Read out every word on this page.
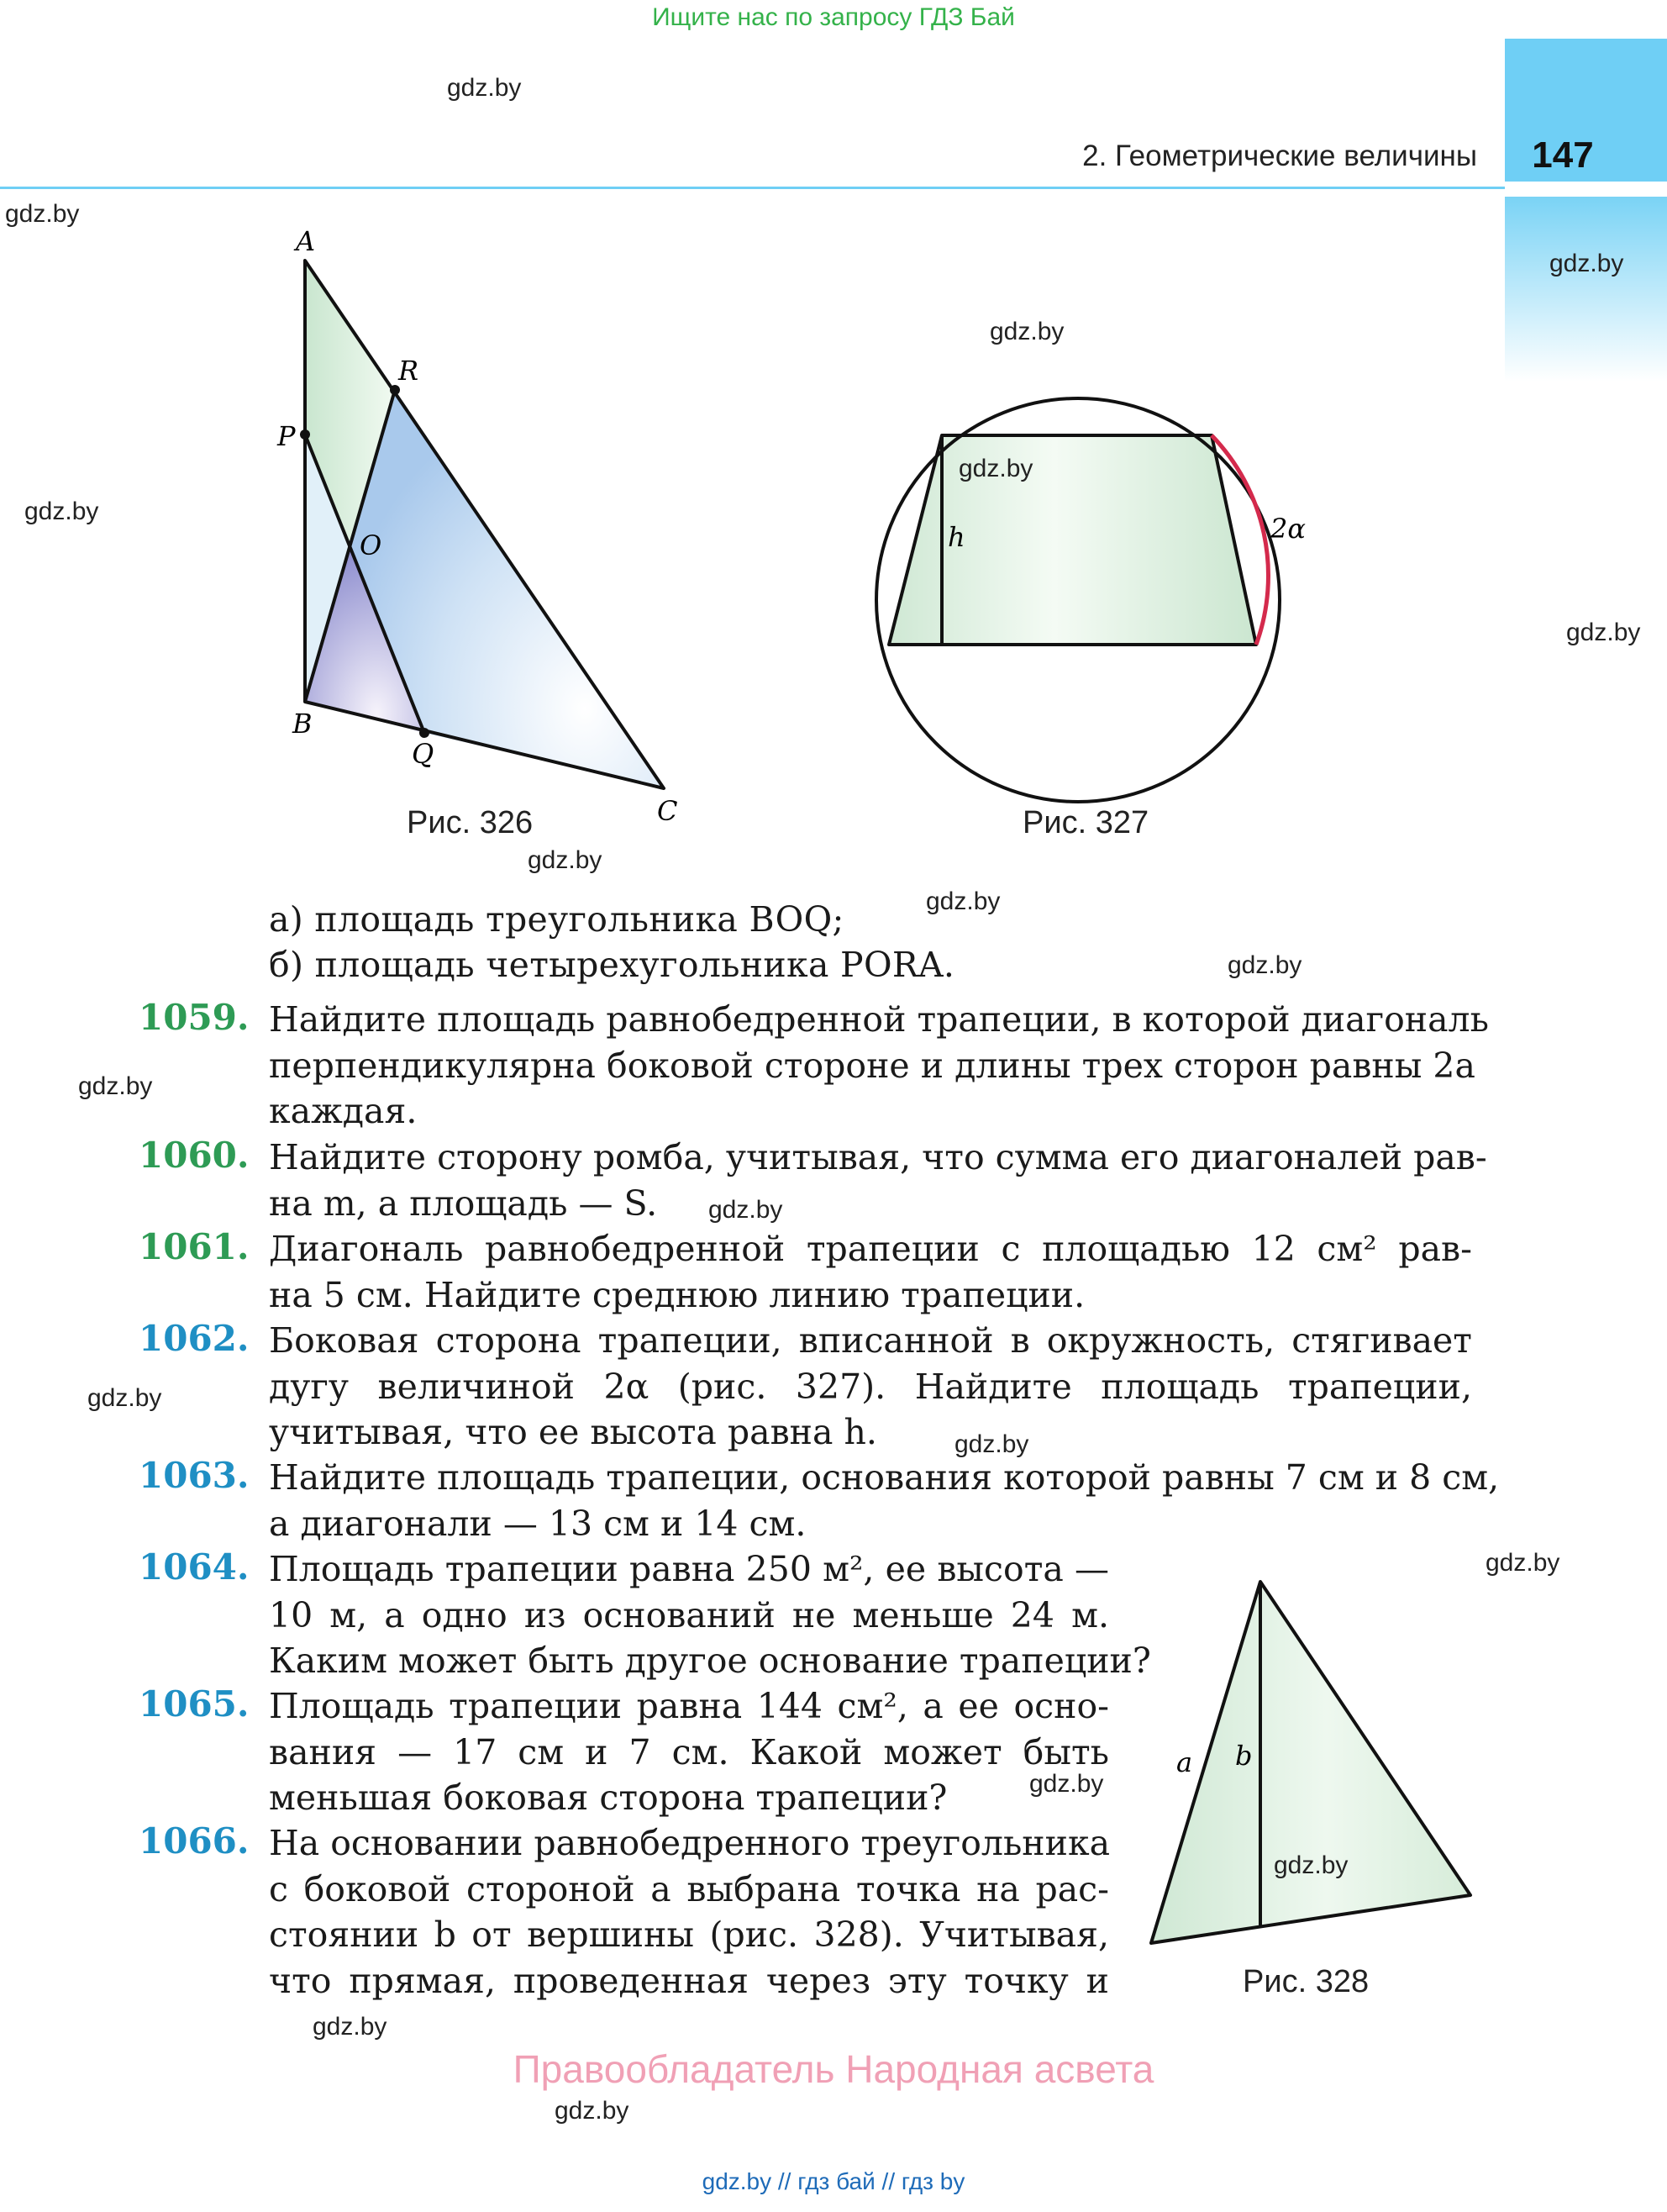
Ищите нас по запросу ГДЗ Бай
147
2. Геометрические величины
A
R
P
O
B
Q
C
Рис. 326
h	2α
Рис. 327
a b
Рис. 328
а) площадь треугольника BOQ;
б) площадь четырехугольника PORA.
1059. Найдите площадь равнобедренной трапеции, в которой диагональ
перпендикулярна боковой стороне и длины трех сторон равны 2a
каждая.
1060. Найдите сторону ромба, учитывая, что сумма его диагоналей рав-
на m, а площадь — S.
1061. Диагональ равнобедренной трапеции с площадью 12 см² рав-
на 5 см. Найдите среднюю линию трапеции.
1062. Боковая сторона трапеции, вписанной в окружность, стягивает
дугу величиной 2α (рис. 327). Найдите площадь трапеции,
учитывая, что ее высота равна h.
1063. Найдите площадь трапеции, основания которой равны 7 см и 8 см,
а диагонали — 13 см и 14 см.
1064. Площадь трапеции равна 250 м², ее высота —
10 м, а одно из оснований не меньше 24 м.
Каким может быть другое основание трапеции?
1065. Площадь трапеции равна 144 см², а ее осно-
вания — 17 см и 7 см. Какой может быть
меньшая боковая сторона трапеции?
1066. На основании равнобедренного треугольника
с боковой стороной a выбрана точка на рас-
стоянии b от вершины (рис. 328). Учитывая,
что прямая, проведенная через эту точку и
gdz.by
gdz.by
gdz.by
gdz.by
gdz.by
gdz.by
gdz.by
gdz.by
gdz.by
gdz.by
gdz.by
gdz.by
gdz.by
gdz.by
gdz.by
gdz.by
gdz.by
gdz.by
gdz.by
Правообладатель Народная асвета
gdz.by // гдз бай // гдз by
